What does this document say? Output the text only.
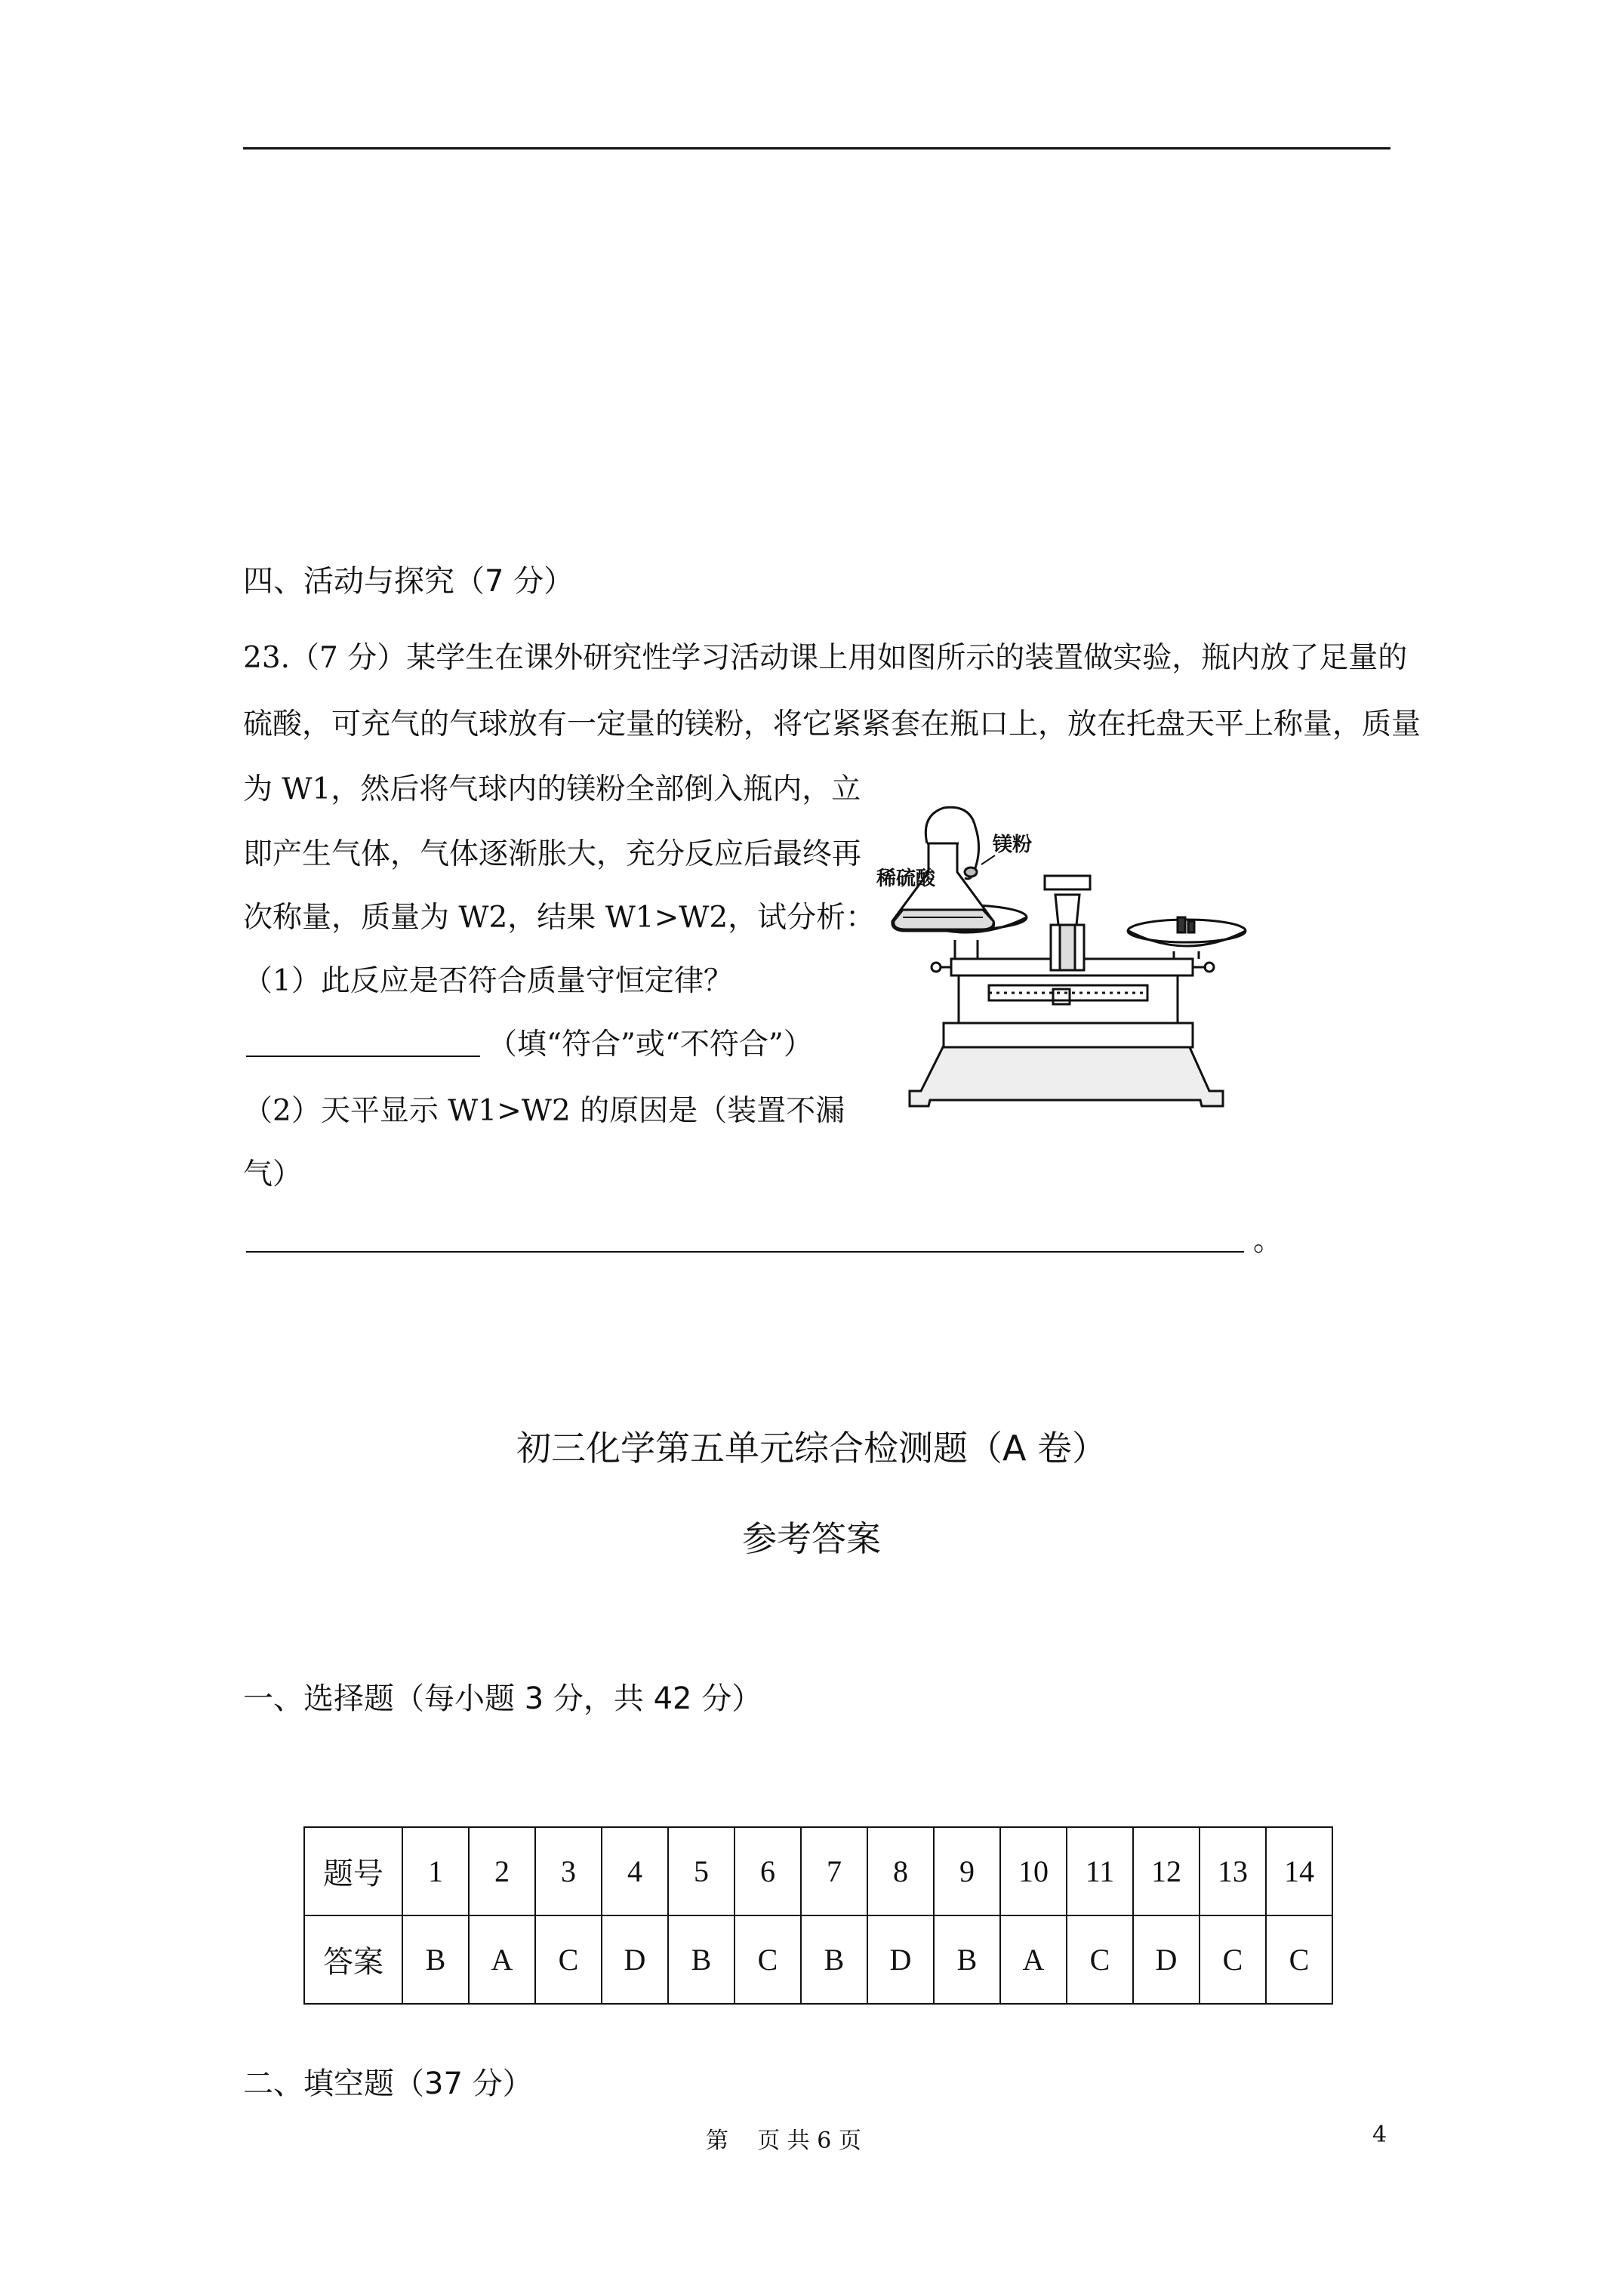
四、活动与探究（7 分）
23.（7 分）某学生在课外研究性学习活动课上用如图所示的装置做实验，瓶内放了足量的
硫酸，可充气的气球放有一定量的镁粉，将它紧紧套在瓶口上，放在托盘天平上称量，质量
为 W1，然后将气球内的镁粉全部倒入瓶内，立
即产生气体，气体逐渐胀大，充分反应后最终再
次称量，质量为 W2，结果 W1>W2，试分析：
（1）此反应是否符合质量守恒定律？
（填“符合”或“不符合”）
（2）天平显示 W1>W2 的原因是（装置不漏
气）
。
稀硫酸
镁粉
初三化学第五单元综合检测题（A 卷）
参考答案
一、选择题（每小题 3 分，共 42 分）
题号	1	2	3	4	5	6	7	8	9	10	11	12	13	14
答案	B	A	C	D	B	C	B	D	B	A	C	D	C	C
二、填空题（37 分）
第    页 共 6 页	4
